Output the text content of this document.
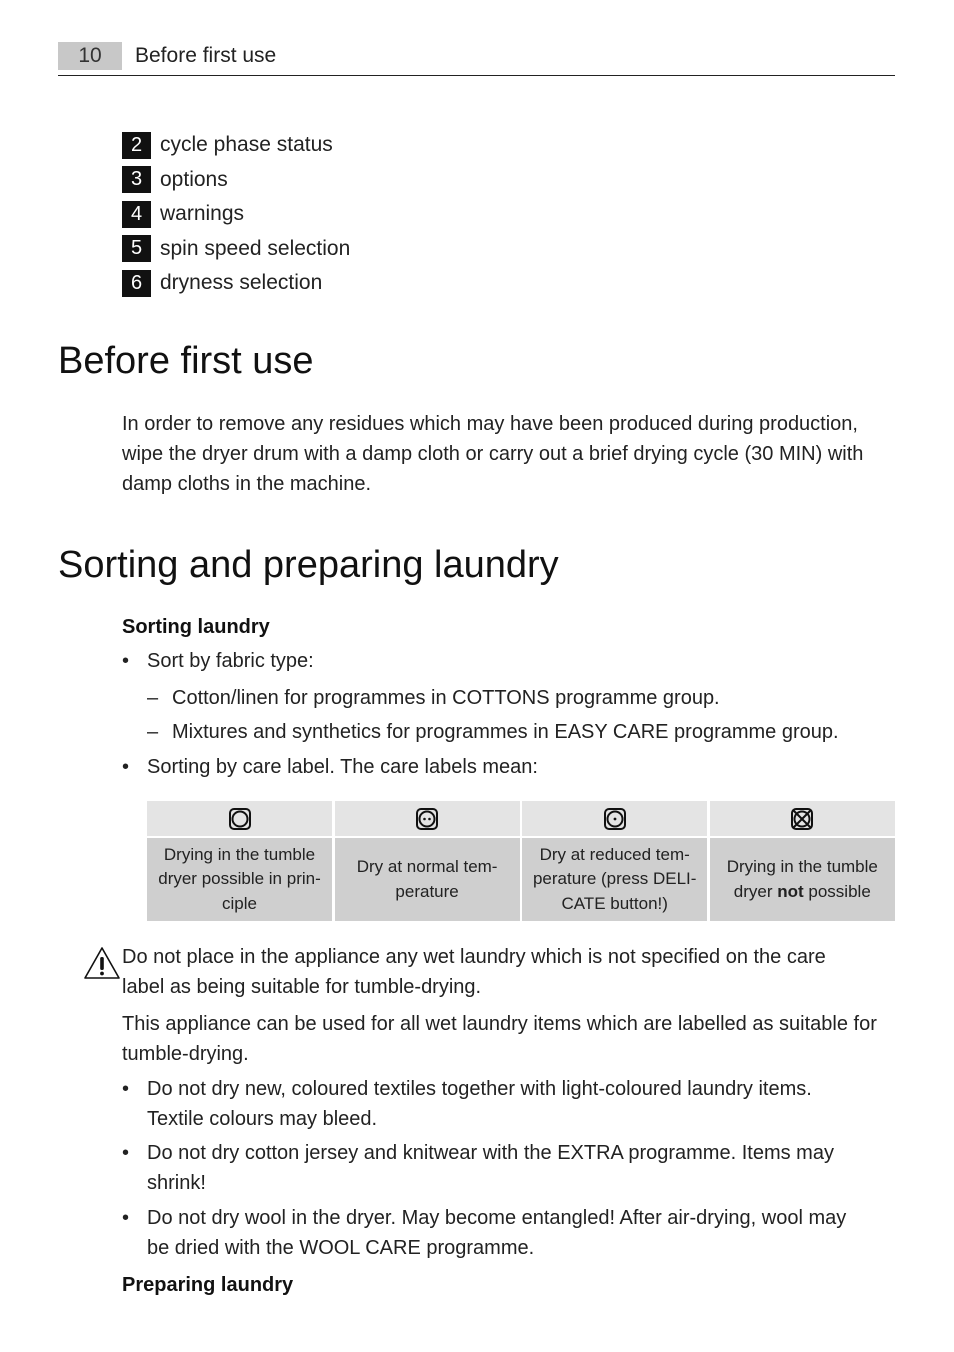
10	Before first use
2 cycle phase status
3 options
4 warnings
5 spin speed selection
6 dryness selection
Before first use

In order to remove any residues which may have been produced during production, wipe the dryer drum with a damp cloth or carry out a brief drying cycle (30 MIN) with damp cloths in the machine.

Sorting and preparing laundry
Sorting laundry
• Sort by fabric type:
– Cotton/linen for programmes in COTTONS programme group.
– Mixtures and synthetics for programmes in EASY CARE programme group.
• Sorting by care label. The care labels mean:
Drying in the tumble
dryer possible in prin-
ciple
Dry at normal tem-
perature
Dry at reduced tem-
perature (press DELI-
CATE button!)
Drying in the tumble
dryer not possible
Do not place in the appliance any wet laundry which is not specified on the care
label as being suitable for tumble-drying.

This appliance can be used for all wet laundry items which are labelled as suitable for tumble-drying.

• Do not dry new, coloured textiles together with light-coloured laundry items.
Textile colours may bleed.
• Do not dry cotton jersey and knitwear with the EXTRA programme. Items may
shrink!
• Do not dry wool in the dryer. May become entangled! After air-drying, wool may
be dried with the WOOL CARE programme.
Preparing laundry
